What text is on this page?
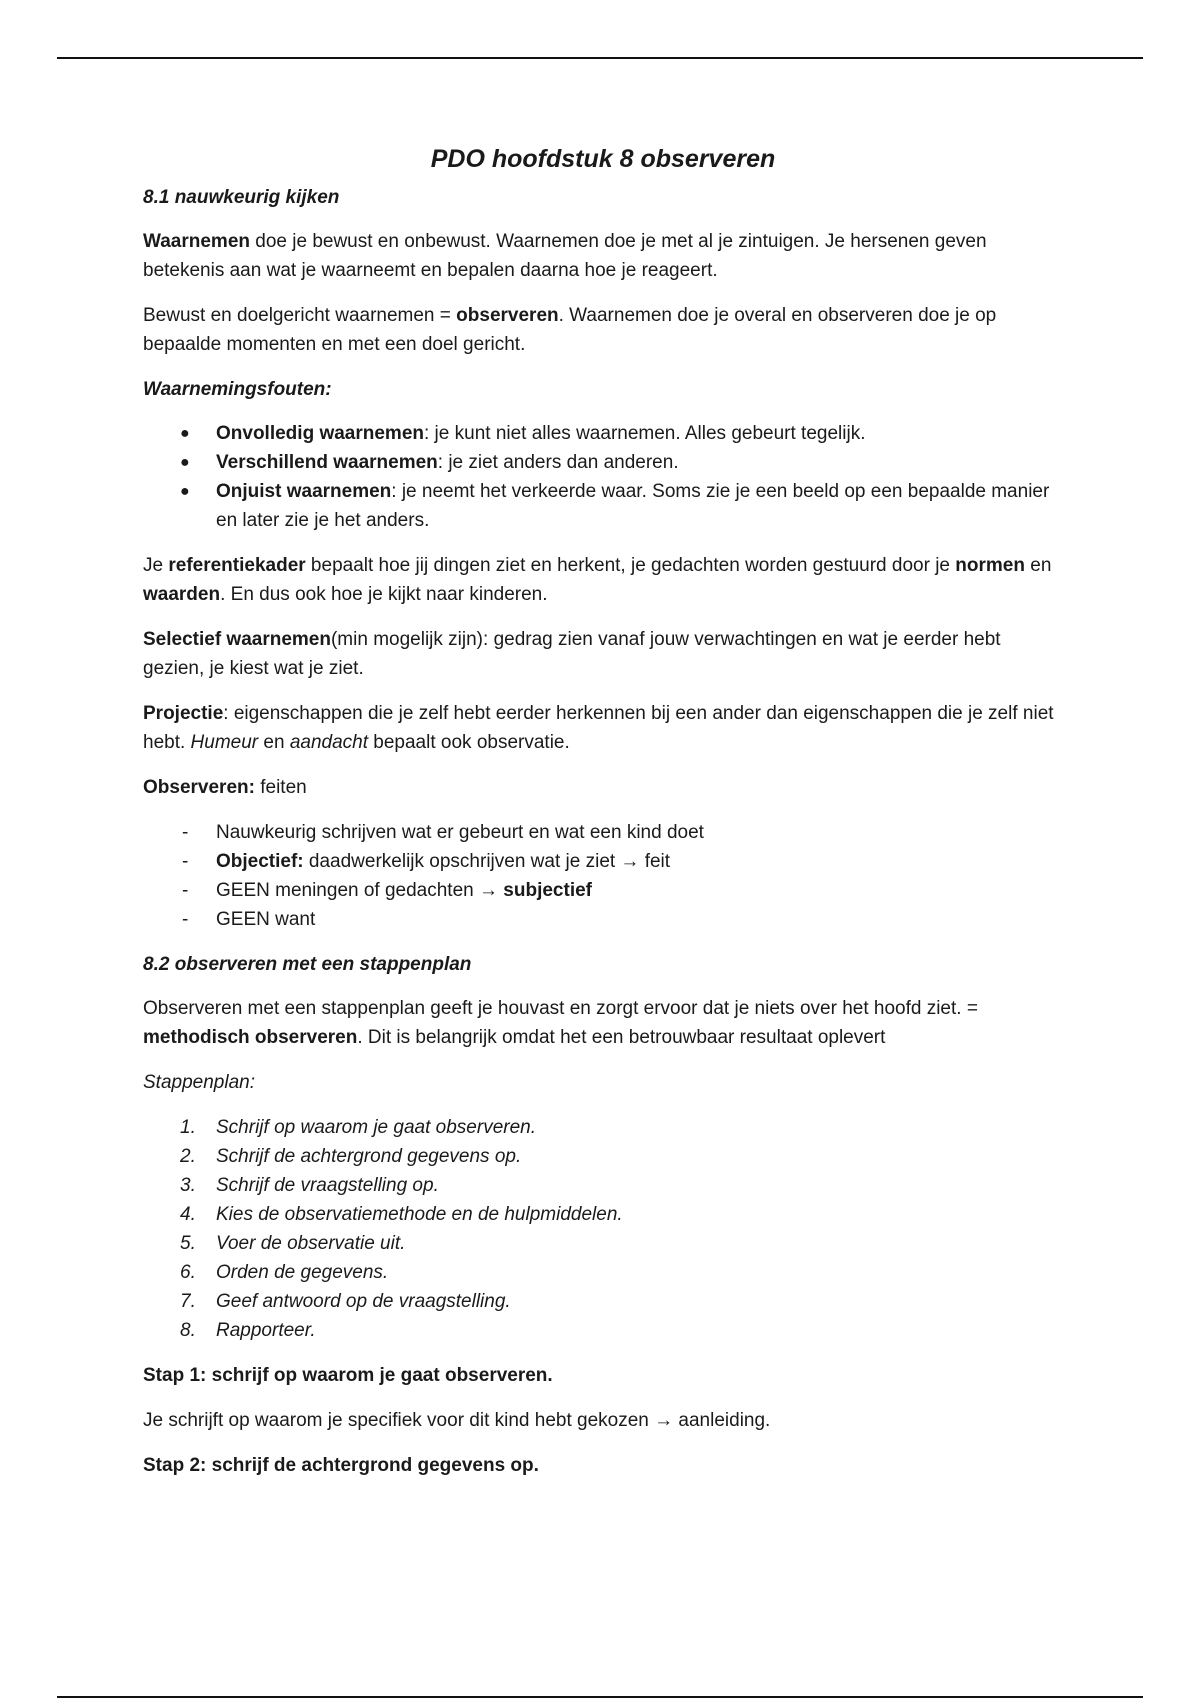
PDO hoofdstuk 8 observeren

8.1 nauwkeurig kijken

Waarnemen doe je bewust en onbewust. Waarnemen doe je met al je zintuigen. Je hersenen geven betekenis aan wat je waarneemt en bepalen daarna hoe je reageert.

Bewust en doelgericht waarnemen = observeren. Waarnemen doe je overal en observeren doe je op bepaalde momenten en met een doel gericht.

Waarnemingsfouten:

● Onvolledig waarnemen: je kunt niet alles waarnemen. Alles gebeurt tegelijk.
● Verschillend waarnemen: je ziet anders dan anderen.
● Onjuist waarnemen: je neemt het verkeerde waar. Soms zie je een beeld op een bepaalde manier en later zie je het anders.

Je referentiekader bepaalt hoe jij dingen ziet en herkent, je gedachten worden gestuurd door je normen en waarden. En dus ook hoe je kijkt naar kinderen.

Selectief waarnemen(min mogelijk zijn): gedrag zien vanaf jouw verwachtingen en wat je eerder hebt gezien, je kiest wat je ziet.

Projectie: eigenschappen die je zelf hebt eerder herkennen bij een ander dan eigenschappen die je zelf niet hebt. Humeur en aandacht bepaalt ook observatie.

Observeren: feiten

- Nauwkeurig schrijven wat er gebeurt en wat een kind doet
- Objectief: daadwerkelijk opschrijven wat je ziet → feit
- GEEN meningen of gedachten → subjectief
- GEEN want

8.2 observeren met een stappenplan

Observeren met een stappenplan geeft je houvast en zorgt ervoor dat je niets over het hoofd ziet. = methodisch observeren. Dit is belangrijk omdat het een betrouwbaar resultaat oplevert

Stappenplan:

1. Schrijf op waarom je gaat observeren.
2. Schrijf de achtergrond gegevens op.
3. Schrijf de vraagstelling op.
4. Kies de observatiemethode en de hulpmiddelen.
5. Voer de observatie uit.
6. Orden de gegevens.
7. Geef antwoord op de vraagstelling.
8. Rapporteer.

Stap 1: schrijf op waarom je gaat observeren.

Je schrijft op waarom je specifiek voor dit kind hebt gekozen → aanleiding.

Stap 2: schrijf de achtergrond gegevens op.
